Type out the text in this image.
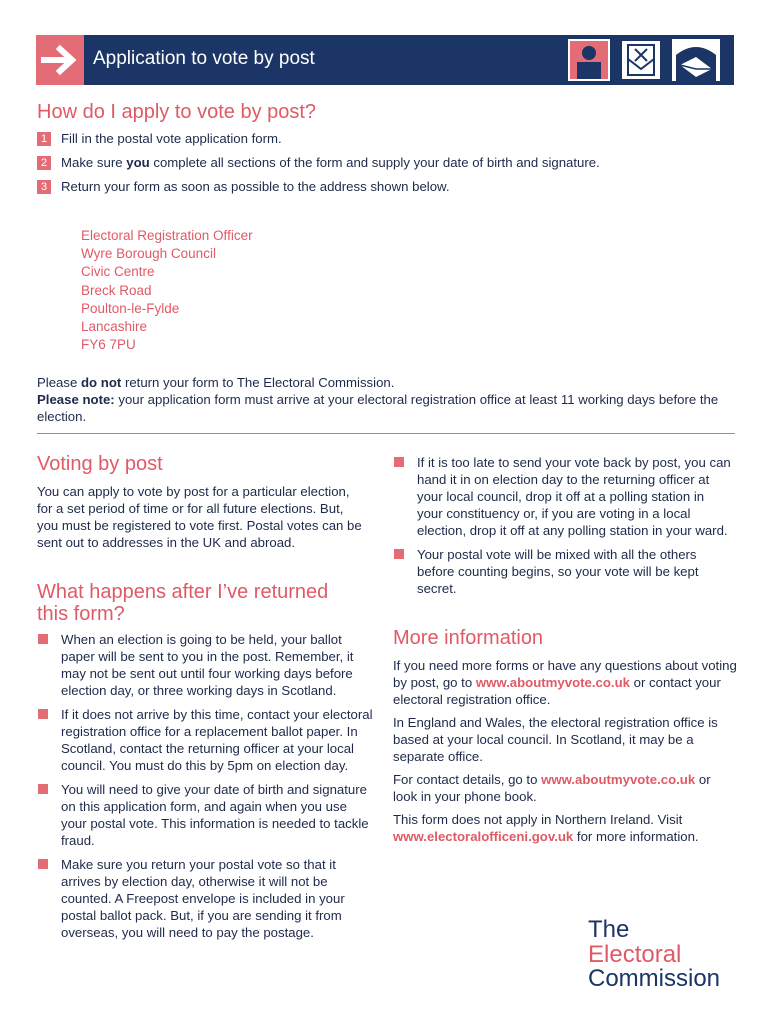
Application to vote by post
How do I apply to vote by post?
1 Fill in the postal vote application form.
2 Make sure you complete all sections of the form and supply your date of birth and signature.
3 Return your form as soon as possible to the address shown below.
Electoral Registration Officer
Wyre Borough Council
Civic Centre
Breck Road
Poulton-le-Fylde
Lancashire
FY6 7PU
Please do not return your form to The Electoral Commission.
Please note: your application form must arrive at your electoral registration office at least 11 working days before the election.
Voting by post
You can apply to vote by post for a particular election, for a set period of time or for all future elections. But, you must be registered to vote first. Postal votes can be sent out to addresses in the UK and abroad.
What happens after I’ve returned
this form?
When an election is going to be held, your ballot paper will be sent to you in the post. Remember, it may not be sent out until four working days before election day, or three working days in Scotland.
If it does not arrive by this time, contact your electoral registration office for a replacement ballot paper. In Scotland, contact the returning officer at your local council. You must do this by 5pm on election day.
You will need to give your date of birth and signature on this application form, and again when you use your postal vote. This information is needed to tackle fraud.
Make sure you return your postal vote so that it arrives by election day, otherwise it will not be counted. A Freepost envelope is included in your postal ballot pack. But, if you are sending it from overseas, you will need to pay the postage.
If it is too late to send your vote back by post, you can hand it in on election day to the returning officer at your local council, drop it off at a polling station in your constituency or, if you are voting in a local election, drop it off at any polling station in your ward.
Your postal vote will be mixed with all the others before counting begins, so your vote will be kept secret.
More information

If you need more forms or have any questions about voting by post, go to www.aboutmyvote.co.uk or contact your electoral registration office.

In England and Wales, the electoral registration office is based at your local council. In Scotland, it may be a separate office.

For contact details, go to www.aboutmyvote.co.uk or look in your phone book.

This form does not apply in Northern Ireland. Visit www.electoralofficeni.gov.uk for more information.

The
Electoral
Commission
